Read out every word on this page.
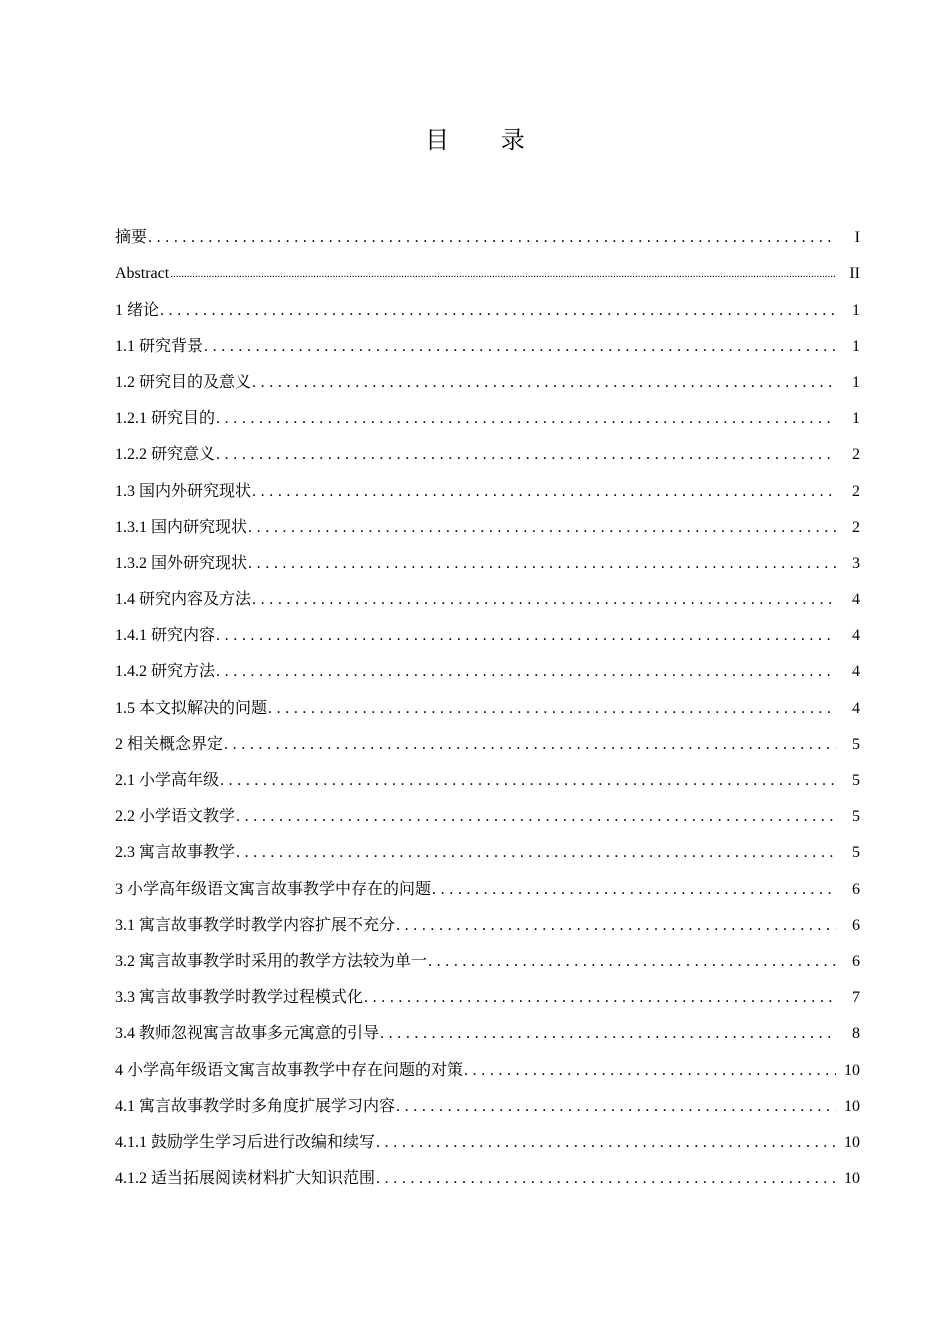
目 录
摘要 . . .	I
Abstract .....	II
1 绪论 . . .	1
1.1 研究背景 . . .	1
1.2 研究目的及意义 . . .	1
1.2.1 研究目的 . . .	1
1.2.2 研究意义 . . .	2
1.3 国内外研究现状 . . .	2
1.3.1 国内研究现状 . . .	2
1.3.2 国外研究现状 . . .	3
1.4 研究内容及方法 . . .	4
1.4.1 研究内容 . . .	4
1.4.2 研究方法 . . .	4
1.5 本文拟解决的问题 . . .	4
2 相关概念界定 . . .	5
2.1 小学高年级 . . .	5
2.2 小学语文教学 . . .	5
2.3 寓言故事教学 . . .	5
3 小学高年级语文寓言故事教学中存在的问题 . . .	6
3.1 寓言故事教学时教学内容扩展不充分 . . .	6
3.2 寓言故事教学时采用的教学方法较为单一 . . .	6
3.3 寓言故事教学时教学过程模式化 . . .	7
3.4 教师忽视寓言故事多元寓意的引导 . . .	8
4 小学高年级语文寓言故事教学中存在问题的对策 . . .	10
4.1 寓言故事教学时多角度扩展学习内容 . . .	10
4.1.1 鼓励学生学习后进行改编和续写 . . .	10
4.1.2 适当拓展阅读材料扩大知识范围 . . .	10
